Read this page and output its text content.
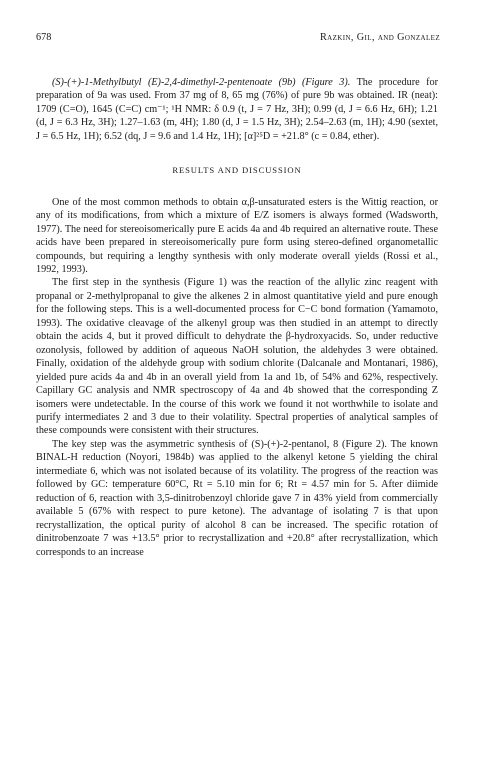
678	Razkin, Gil, and Gonzalez

(S)-(+)-1-Methylbutyl (E)-2,4-dimethyl-2-pentenoate (9b) (Figure 3). The procedure for preparation of 9a was used. From 37 mg of 8, 65 mg (76%) of pure 9b was obtained. IR (neat): 1709 (C=O), 1645 (C=C) cm⁻¹; ¹H NMR: δ 0.9 (t, J = 7 Hz, 3H); 0.99 (d, J = 6.6 Hz, 6H); 1.21 (d, J = 6.3 Hz, 3H); 1.27–1.63 (m, 4H); 1.80 (d, J = 1.5 Hz, 3H); 2.54–2.63 (m, 1H); 4.90 (sextet, J = 6.5 Hz, 1H); 6.52 (dq, J = 9.6 and 1.4 Hz, 1H); [α]²⁵D = +21.8° (c = 0.84, ether).

RESULTS AND DISCUSSION

One of the most common methods to obtain α,β-unsaturated esters is the Wittig reaction, or any of its modifications, from which a mixture of E/Z isomers is always formed (Wadsworth, 1977). The need for stereoisomerically pure E acids 4a and 4b required an alternative route. These acids have been prepared in stereoisomerically pure form using stereo-defined organometallic compounds, but requiring a lengthy synthesis with only moderate overall yields (Rossi et al., 1992, 1993).

The first step in the synthesis (Figure 1) was the reaction of the allylic zinc reagent with propanal or 2-methylpropanal to give the alkenes 2 in almost quantitative yield and pure enough for the following steps. This is a well-documented process for C−C bond formation (Yamamoto, 1993). The oxidative cleavage of the alkenyl group was then studied in an attempt to directly obtain the acids 4, but it proved difficult to dehydrate the β-hydroxyacids. So, under reductive ozonolysis, followed by addition of aqueous NaOH solution, the aldehydes 3 were obtained. Finally, oxidation of the aldehyde group with sodium chlorite (Dalcanale and Montanari, 1986), yielded pure acids 4a and 4b in an overall yield from 1a and 1b, of 54% and 62%, respectively. Capillary GC analysis and NMR spectroscopy of 4a and 4b showed that the corresponding Z isomers were undetectable. In the course of this work we found it not worthwhile to isolate and purify intermediates 2 and 3 due to their volatility. Spectral properties of analytical samples of these compounds were consistent with their structures.

The key step was the asymmetric synthesis of (S)-(+)-2-pentanol, 8 (Figure 2). The known BINAL-H reduction (Noyori, 1984b) was applied to the alkenyl ketone 5 yielding the chiral intermediate 6, which was not isolated because of its volatility. The progress of the reaction was followed by GC: temperature 60°C, Rt = 5.10 min for 6; Rt = 4.57 min for 5. After diimide reduction of 6, reaction with 3,5-dinitrobenzoyl chloride gave 7 in 43% yield from commercially available 5 (67% with respect to pure ketone). The advantage of isolating 7 is that upon recrystallization, the optical purity of alcohol 8 can be increased. The specific rotation of dinitrobenzoate 7 was +13.5° prior to recrystallization and +20.8° after recrystallization, which corresponds to an increase
